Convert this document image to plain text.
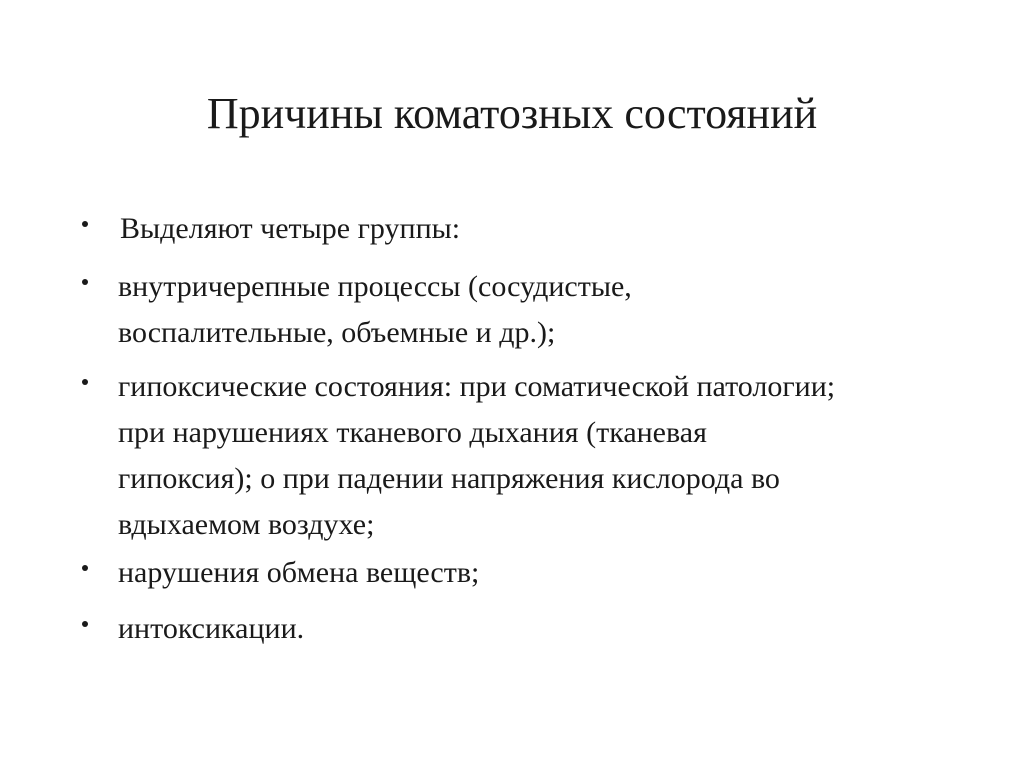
Причины коматозных состояний
Выделяют четыре группы:
внутричерепные процессы (сосудистые,
воспалительные, объемные и др.);
гипоксические состояния: при соматической патологии;
при нарушениях тканевого дыхания (тканевая
гипоксия); о при падении напряжения кислорода во
вдыхаемом воздухе;
нарушения обмена веществ;
интоксикации.
